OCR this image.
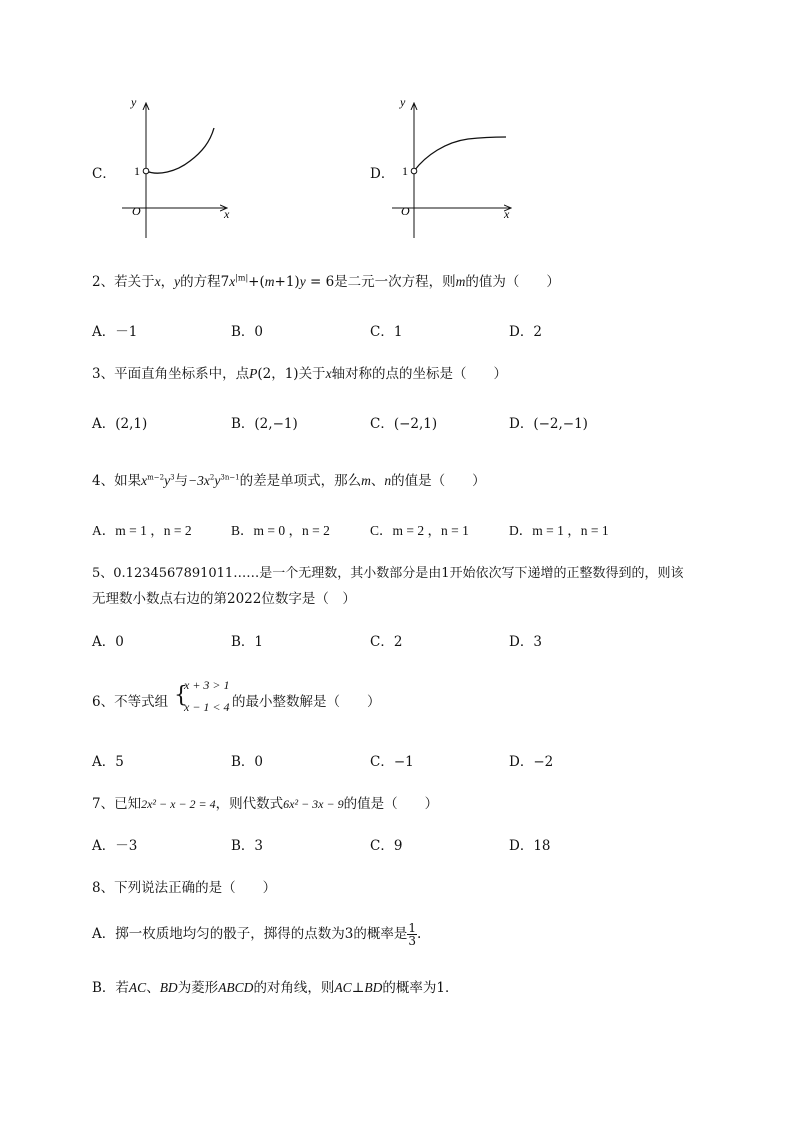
C．
y
x
O
1	D．
y
x
O
1
2、若关于x，y的方程$7x^{|m|}+(m+1)y = 6$是二元一次方程，则m的值为（　　）
A．－1	B．0	C．1	D．2
3、平面直角坐标系中，点P(2，1)关于x轴对称的点的坐标是（　　）
A．(2,1)	B．(2,−1)	C．(−2,1)	D．(−2,−1)
4、如果$x^{m-2}y^3$与$-3x^2y^{3n-1}$的差是单项式，那么m、n的值是（　　）
A．m = 1 ，n = 2	B．m = 0 ，n = 2	C．m = 2 ，n = 1	D．m = 1 ，n = 1
5、0.1234567891011……是一个无理数，其小数部分是由1开始依次写下递增的正整数得到的，则该
无理数小数点右边的第2022位数字是（　）
A．0	B．1	C．2	D．3
6、不等式组 {
x + 3 > 1
x − 1 < 4 的最小整数解是（　　）
A．5	B．0	C．−1	D．−2
7、已知2x² − x − 2 = 4，则代数式6x² − 3x − 9的值是（　　）
A．－3	B．3	C．9	D．18
8、下列说法正确的是（　　）
A．掷一枚质地均匀的骰子，掷得的点数为3的概率是 $\frac{1}{3}$ .
B．若AC、BD为菱形ABCD的对角线，则AC⊥BD的概率为1．
